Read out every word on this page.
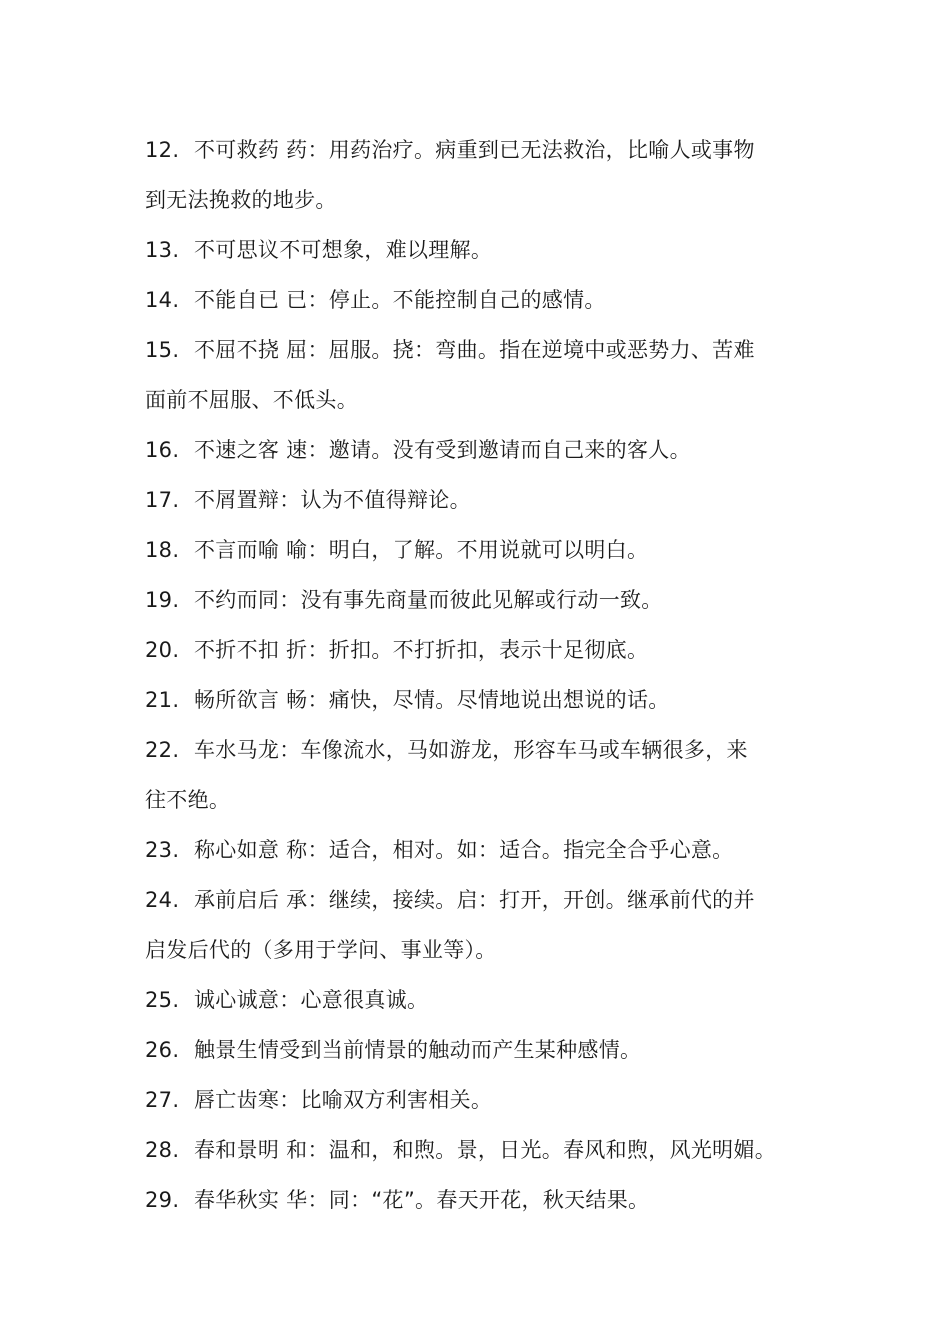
12. 不可救药 药：用药治疗。病重到已无法救治，比喻人或事物
到无法挽救的地步。
13. 不可思议不可想象，难以理解。
14. 不能自已 已：停止。不能控制自己的感情。
15. 不屈不挠 屈：屈服。挠：弯曲。指在逆境中或恶势力、苦难
面前不屈服、不低头。
16. 不速之客 速：邀请。没有受到邀请而自己来的客人。
17. 不屑置辩：认为不值得辩论。
18. 不言而喻 喻：明白，了解。不用说就可以明白。
19. 不约而同：没有事先商量而彼此见解或行动一致。
20. 不折不扣 折：折扣。不打折扣，表示十足彻底。
21. 畅所欲言 畅：痛快，尽情。尽情地说出想说的话。
22. 车水马龙：车像流水，马如游龙，形容车马或车辆很多，来
往不绝。
23. 称心如意 称：适合，相对。如：适合。指完全合乎心意。
24. 承前启后 承：继续，接续。启：打开，开创。继承前代的并
启发后代的（多用于学问、事业等）。
25. 诚心诚意：心意很真诚。
26. 触景生情受到当前情景的触动而产生某种感情。
27. 唇亡齿寒：比喻双方利害相关。
28. 春和景明 和：温和，和煦。景，日光。春风和煦，风光明媚。
29. 春华秋实 华：同：“花”。春天开花，秋天结果。
